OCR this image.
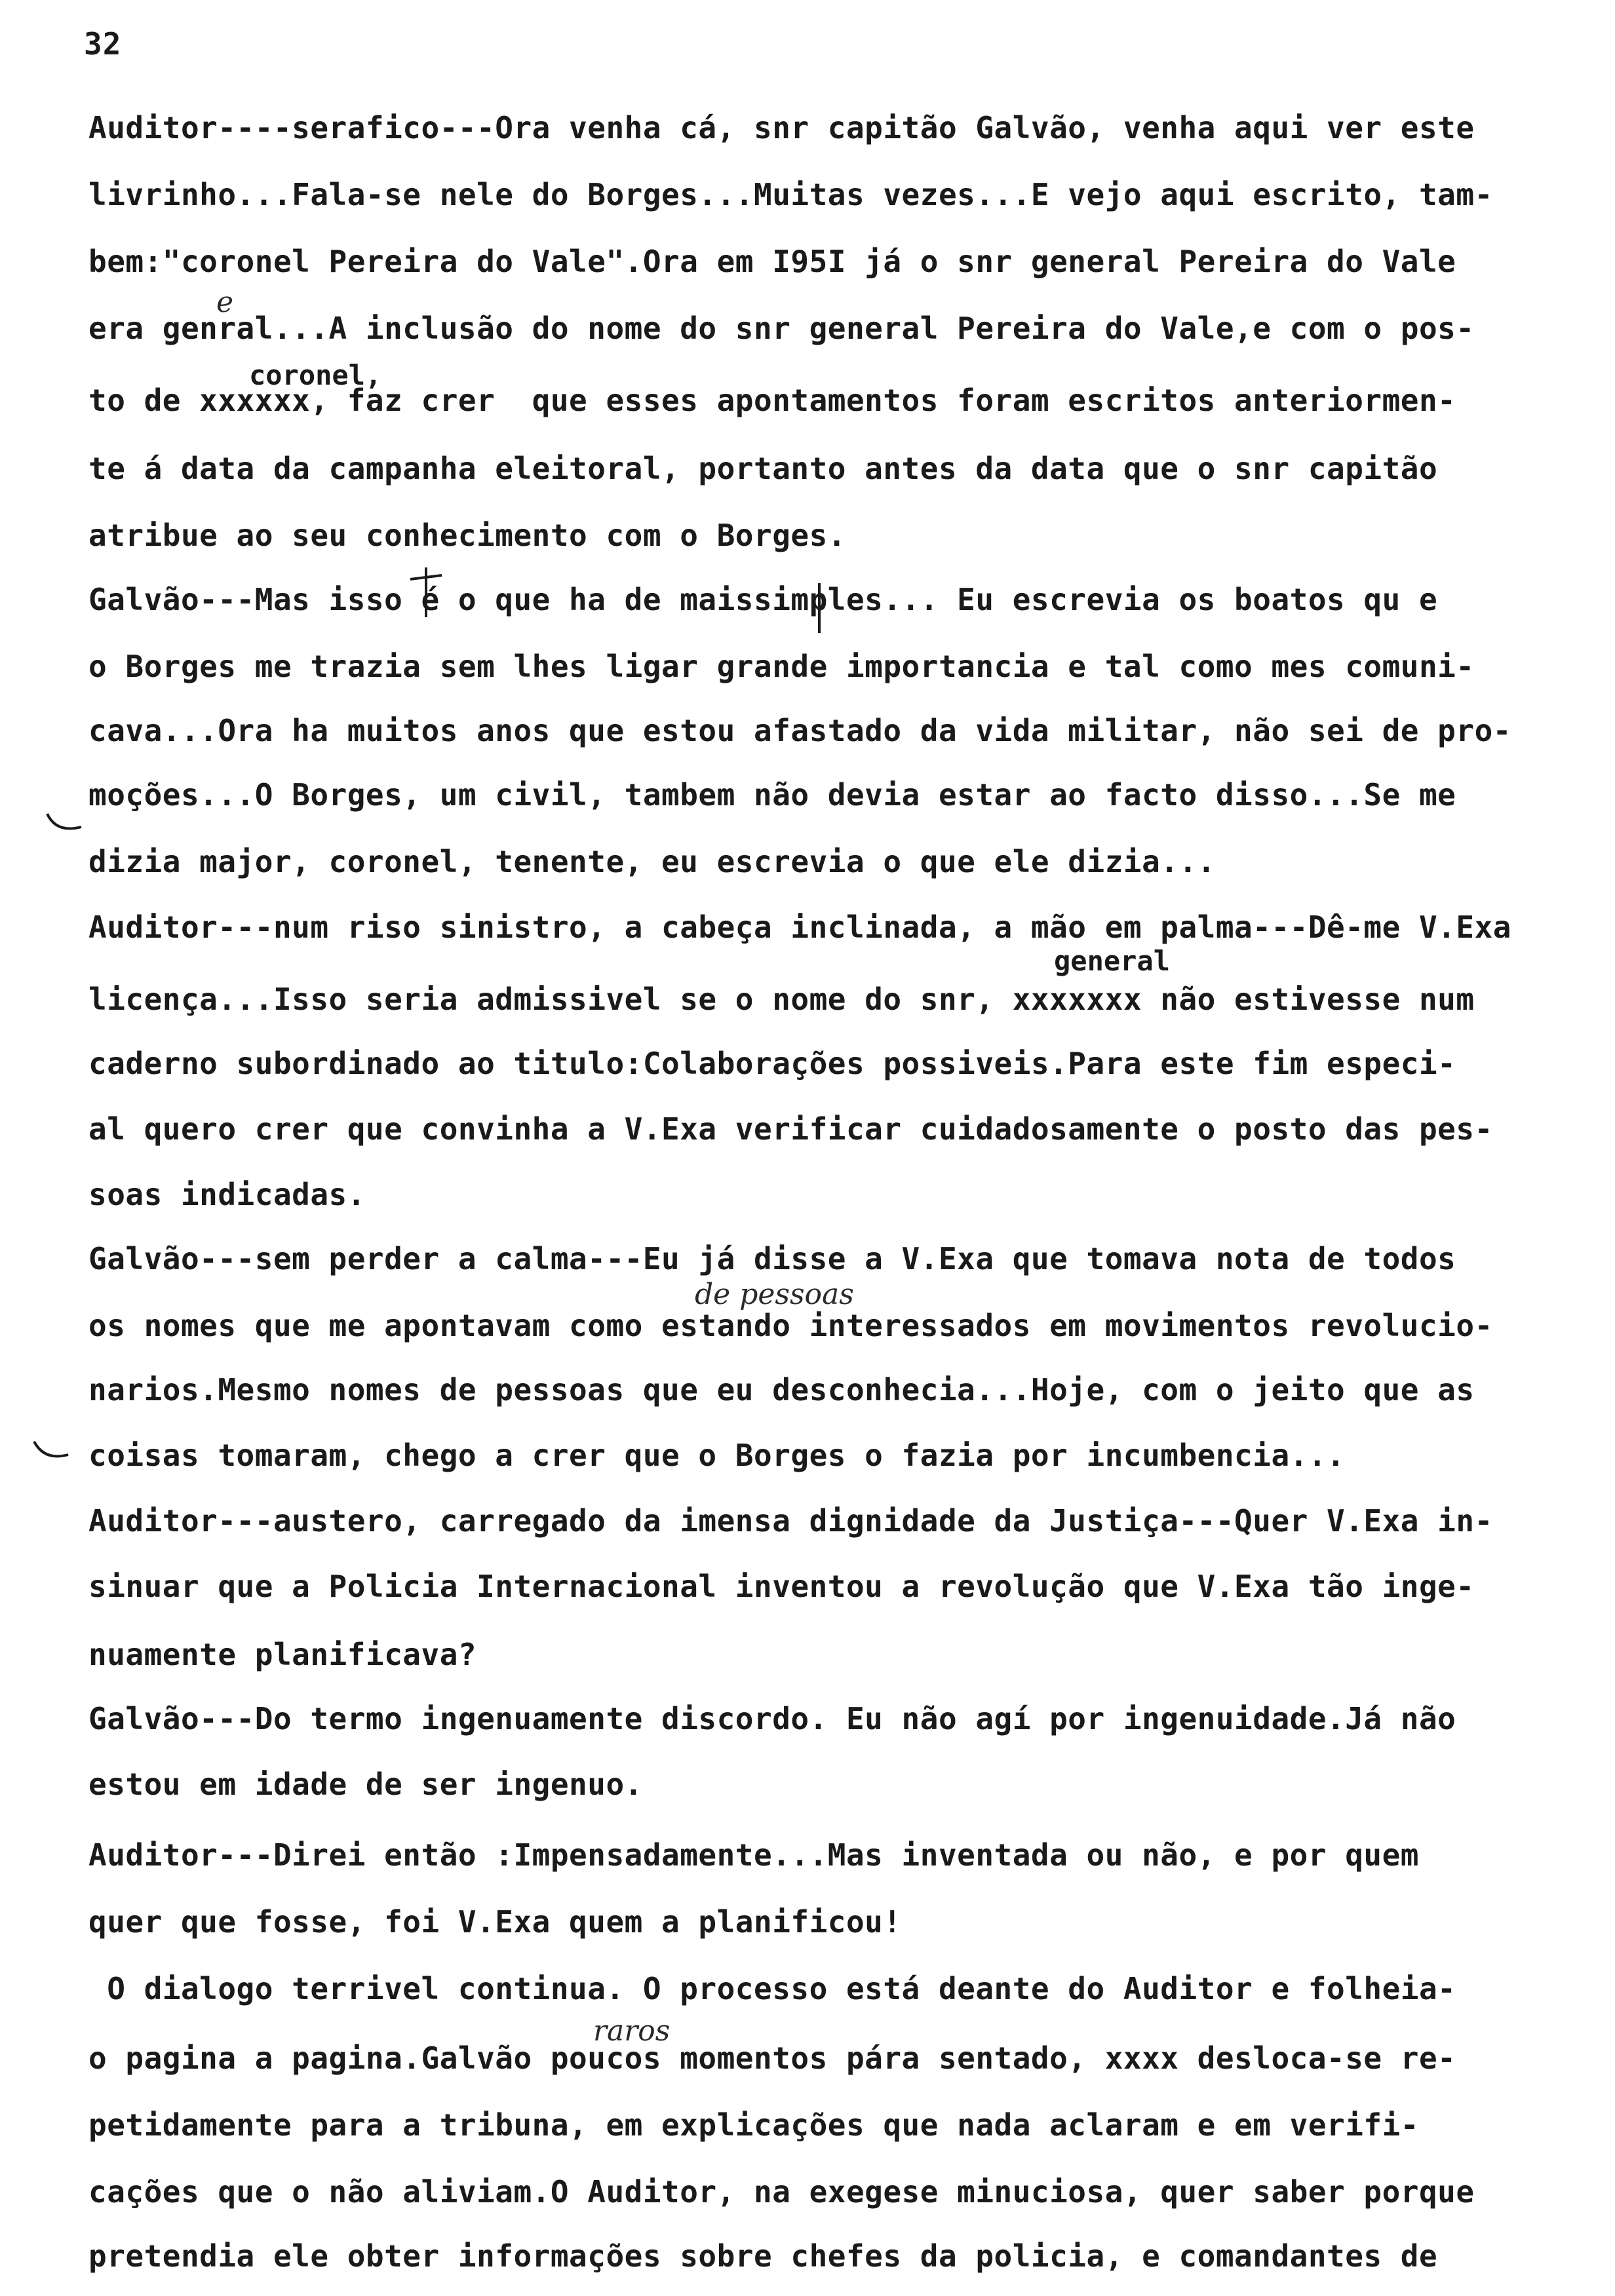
32
Auditor----serafico---Ora venha cá, snr capitão Galvão, venha aqui ver este
livrinho...Fala-se nele do Borges...Muitas vezes...E vejo aqui escrito, tam-
bem:"coronel Pereira do Vale".Ora em I95I já o snr general Pereira do Vale
era genral...A inclusão do nome do snr general Pereira do Vale,e com o pos-
to de xxxxxx, faz crer  que esses apontamentos foram escritos anteriormen-
te á data da campanha eleitoral, portanto antes da data que o snr capitão
atribue ao seu conhecimento com o Borges.
Galvão---Mas isso é o que ha de maissimples... Eu escrevia os boatos qu e
o Borges me trazia sem lhes ligar grande importancia e tal como mes comuni-
cava...Ora ha muitos anos que estou afastado da vida militar, não sei de pro-
moções...O Borges, um civil, tambem não devia estar ao facto disso...Se me
dizia major, coronel, tenente, eu escrevia o que ele dizia...
Auditor---num riso sinistro, a cabeça inclinada, a mão em palma---Dê-me V.Exa
licença...Isso seria admissivel se o nome do snr, xxxxxxx não estivesse num
caderno subordinado ao titulo:Colaborações possiveis.Para este fim especi-
al quero crer que convinha a V.Exa verificar cuidadosamente o posto das pes-
soas indicadas.
Galvão---sem perder a calma---Eu já disse a V.Exa que tomava nota de todos
os nomes que me apontavam como estando interessados em movimentos revolucio-
narios.Mesmo nomes de pessoas que eu desconhecia...Hoje, com o jeito que as
coisas tomaram, chego a crer que o Borges o fazia por incumbencia...
Auditor---austero, carregado da imensa dignidade da Justiça---Quer V.Exa in-
sinuar que a Policia Internacional inventou a revolução que V.Exa tão inge-
nuamente planificava?
Galvão---Do termo ingenuamente discordo. Eu não agí por ingenuidade.Já não
estou em idade de ser ingenuo.
Auditor---Direi então :Impensadamente...Mas inventada ou não, e por quem
quer que fosse, foi V.Exa quem a planificou!
O dialogo terrivel continua. O processo está deante do Auditor e folheia-
o pagina a pagina.Galvão poucos momentos pára sentado, xxxx desloca-se re-
petidamente para a tribuna, em explicações que nada aclaram e em verifi-
cações que o não aliviam.O Auditor, na exegese minuciosa, quer saber porque
pretendia ele obter informações sobre chefes da policia, e comandantes de
coronel,
general
e
de pessoas
raros
